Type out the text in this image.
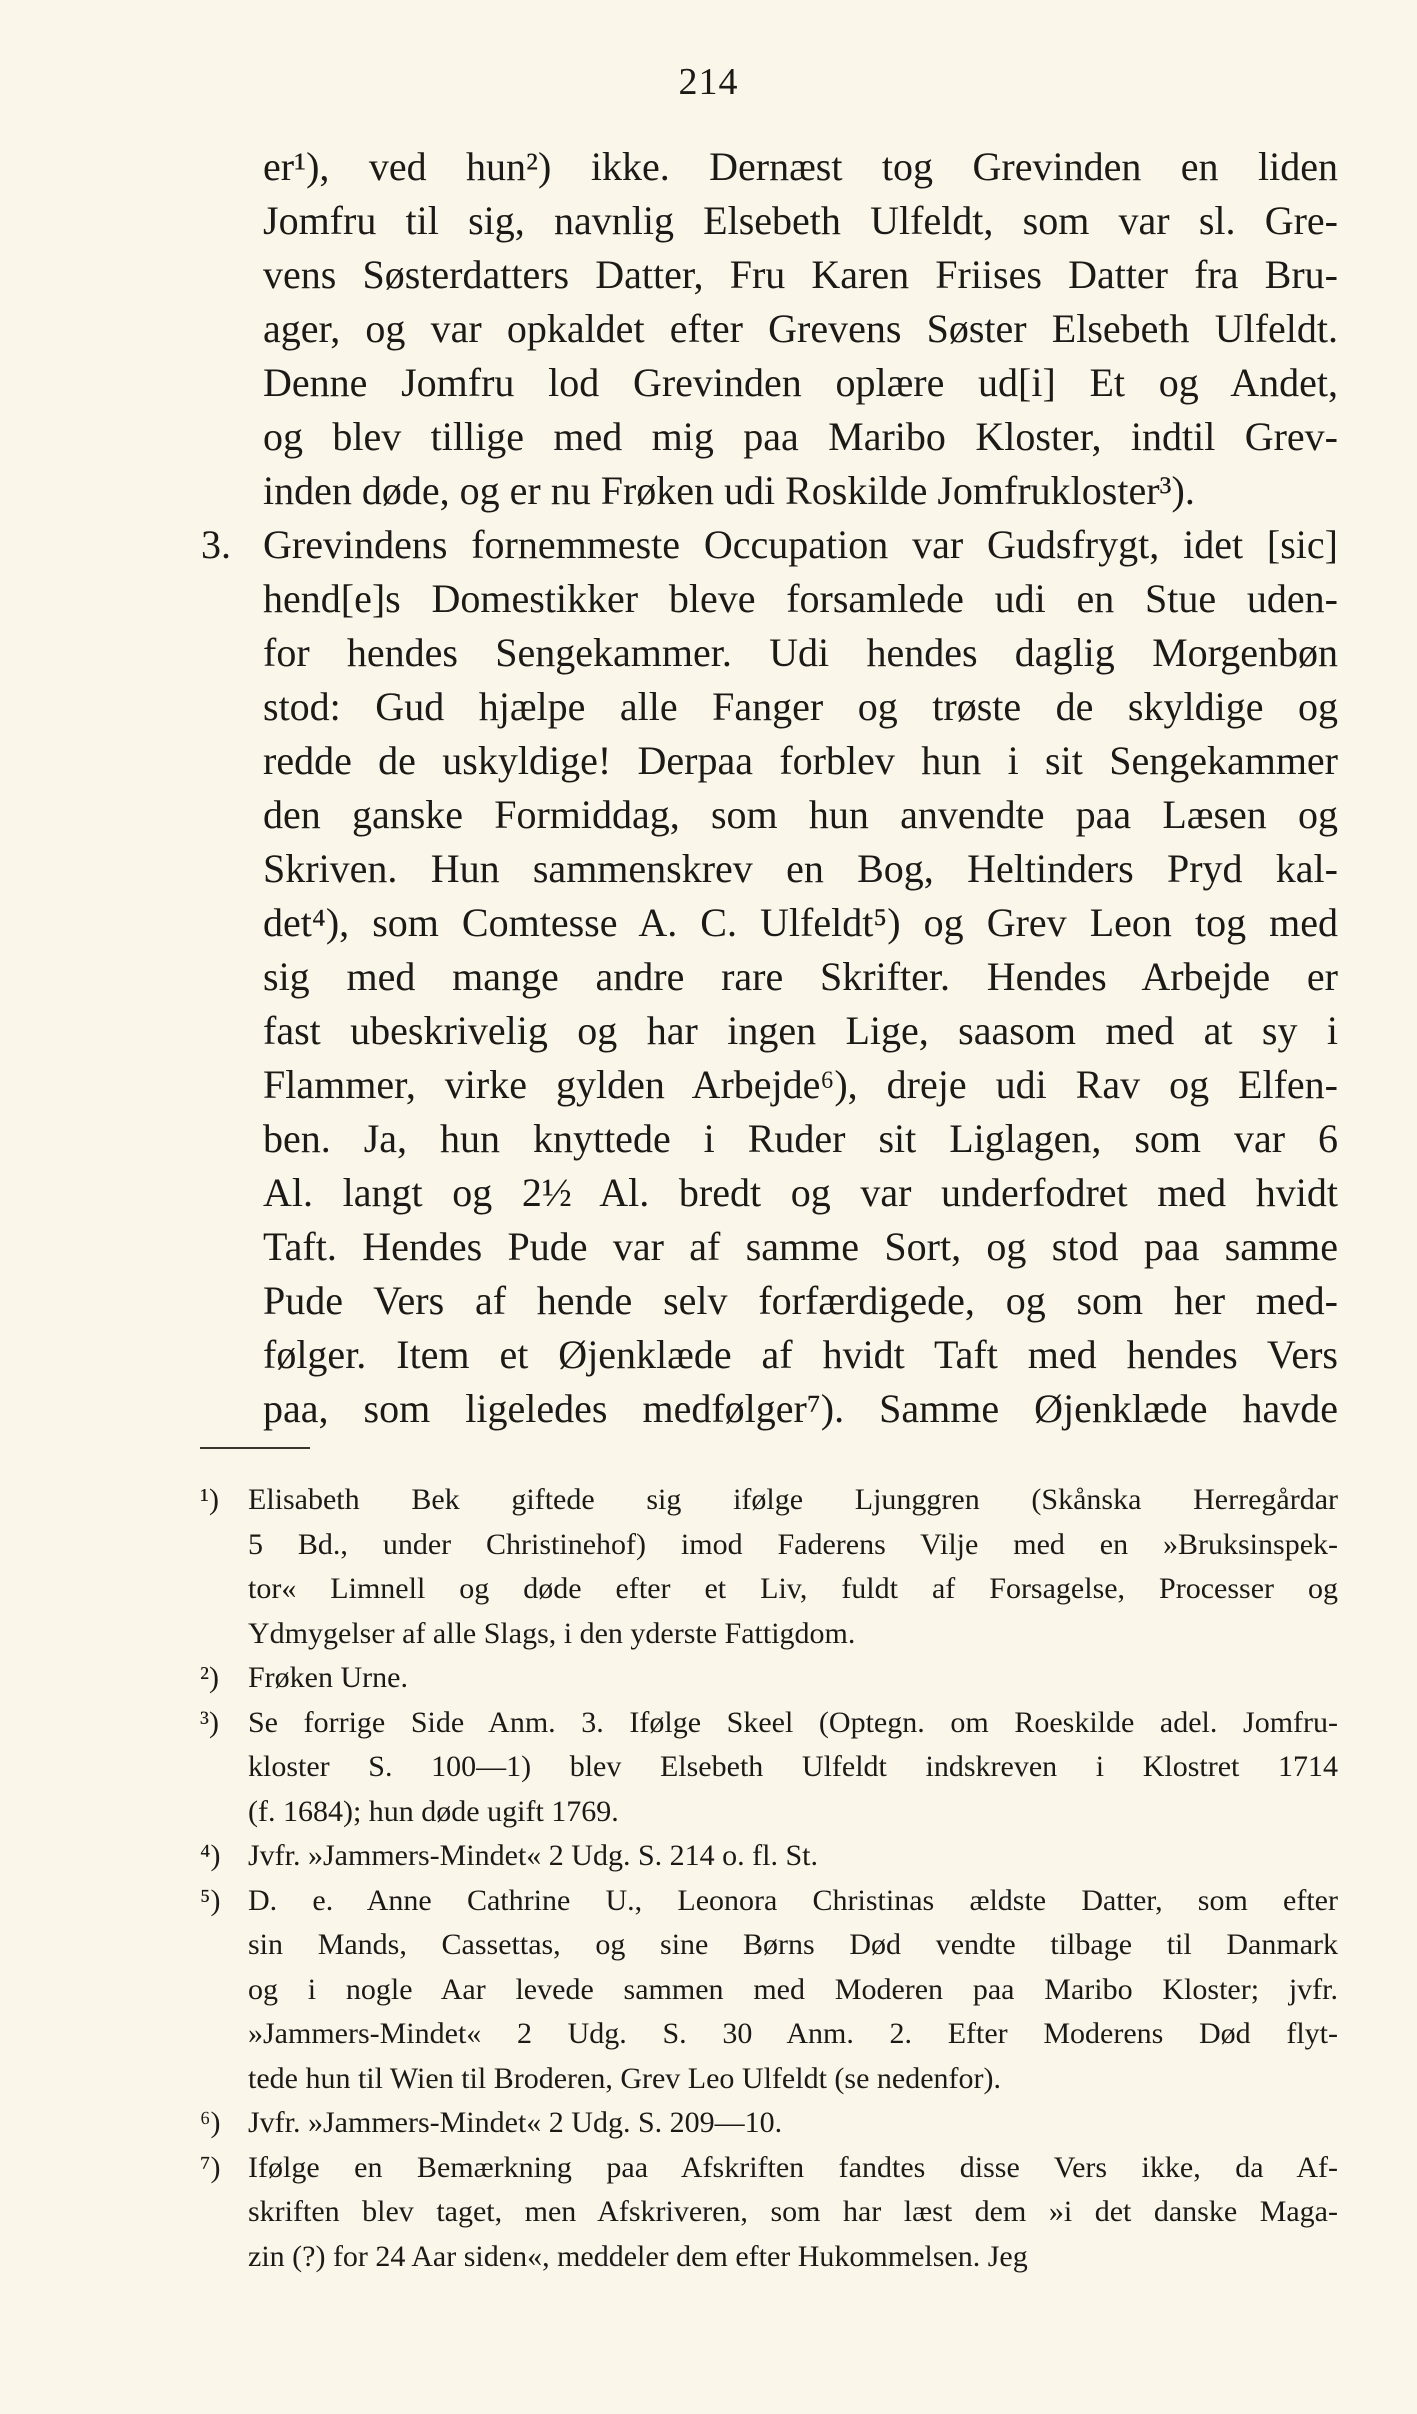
214
er¹), ved hun²) ikke. Dernæst tog Grevinden en liden
Jomfru til sig, navnlig Elsebeth Ulfeldt, som var sl. Gre-
vens Søsterdatters Datter, Fru Karen Friises Datter fra Bru-
ager, og var opkaldet efter Grevens Søster Elsebeth Ulfeldt.
Denne Jomfru lod Grevinden oplære ud[i] Et og Andet,
og blev tillige med mig paa Maribo Kloster, indtil Grev-
inden døde, og er nu Frøken udi Roskilde Jomfrukloster³).
3. Grevindens fornemmeste Occupation var Gudsfrygt, idet [sic]
hend[e]s Domestikker bleve forsamlede udi en Stue uden-
for hendes Sengekammer. Udi hendes daglig Morgenbøn
stod: Gud hjælpe alle Fanger og trøste de skyldige og
redde de uskyldige! Derpaa forblev hun i sit Sengekammer
den ganske Formiddag, som hun anvendte paa Læsen og
Skriven. Hun sammenskrev en Bog, Heltinders Pryd kal-
det⁴), som Comtesse A. C. Ulfeldt⁵) og Grev Leon tog med
sig med mange andre rare Skrifter. Hendes Arbejde er
fast ubeskrivelig og har ingen Lige, saasom med at sy i
Flammer, virke gylden Arbejde⁶), dreje udi Rav og Elfen-
ben. Ja, hun knyttede i Ruder sit Liglagen, som var 6
Al. langt og 2½ Al. bredt og var underfodret med hvidt
Taft. Hendes Pude var af samme Sort, og stod paa samme
Pude Vers af hende selv forfærdigede, og som her med-
følger. Item et Øjenklæde af hvidt Taft med hendes Vers
paa, som ligeledes medfølger⁷). Samme Øjenklæde havde
¹) Elisabeth Bek giftede sig ifølge Ljunggren (Skånska Herregårdar
5 Bd., under Christinehof) imod Faderens Vilje med en »Bruksinspek-
tor« Limnell og døde efter et Liv, fuldt af Forsagelse, Processer og
Ydmygelser af alle Slags, i den yderste Fattigdom.
²) Frøken Urne.
³) Se forrige Side Anm. 3. Ifølge Skeel (Optegn. om Roeskilde adel. Jomfru-
kloster S. 100—1) blev Elsebeth Ulfeldt indskreven i Klostret 1714
(f. 1684); hun døde ugift 1769.
⁴) Jvfr. »Jammers-Mindet« 2 Udg. S. 214 o. fl. St.
⁵) D. e. Anne Cathrine U., Leonora Christinas ældste Datter, som efter
sin Mands, Cassettas, og sine Børns Død vendte tilbage til Danmark
og i nogle Aar levede sammen med Moderen paa Maribo Kloster; jvfr.
»Jammers-Mindet« 2 Udg. S. 30 Anm. 2. Efter Moderens Død flyt-
tede hun til Wien til Broderen, Grev Leo Ulfeldt (se nedenfor).
⁶) Jvfr. »Jammers-Mindet« 2 Udg. S. 209—10.
⁷) Ifølge en Bemærkning paa Afskriften fandtes disse Vers ikke, da Af-
skriften blev taget, men Afskriveren, som har læst dem »i det danske Maga-
zin (?) for 24 Aar siden«, meddeler dem efter Hukommelsen. Jeg
